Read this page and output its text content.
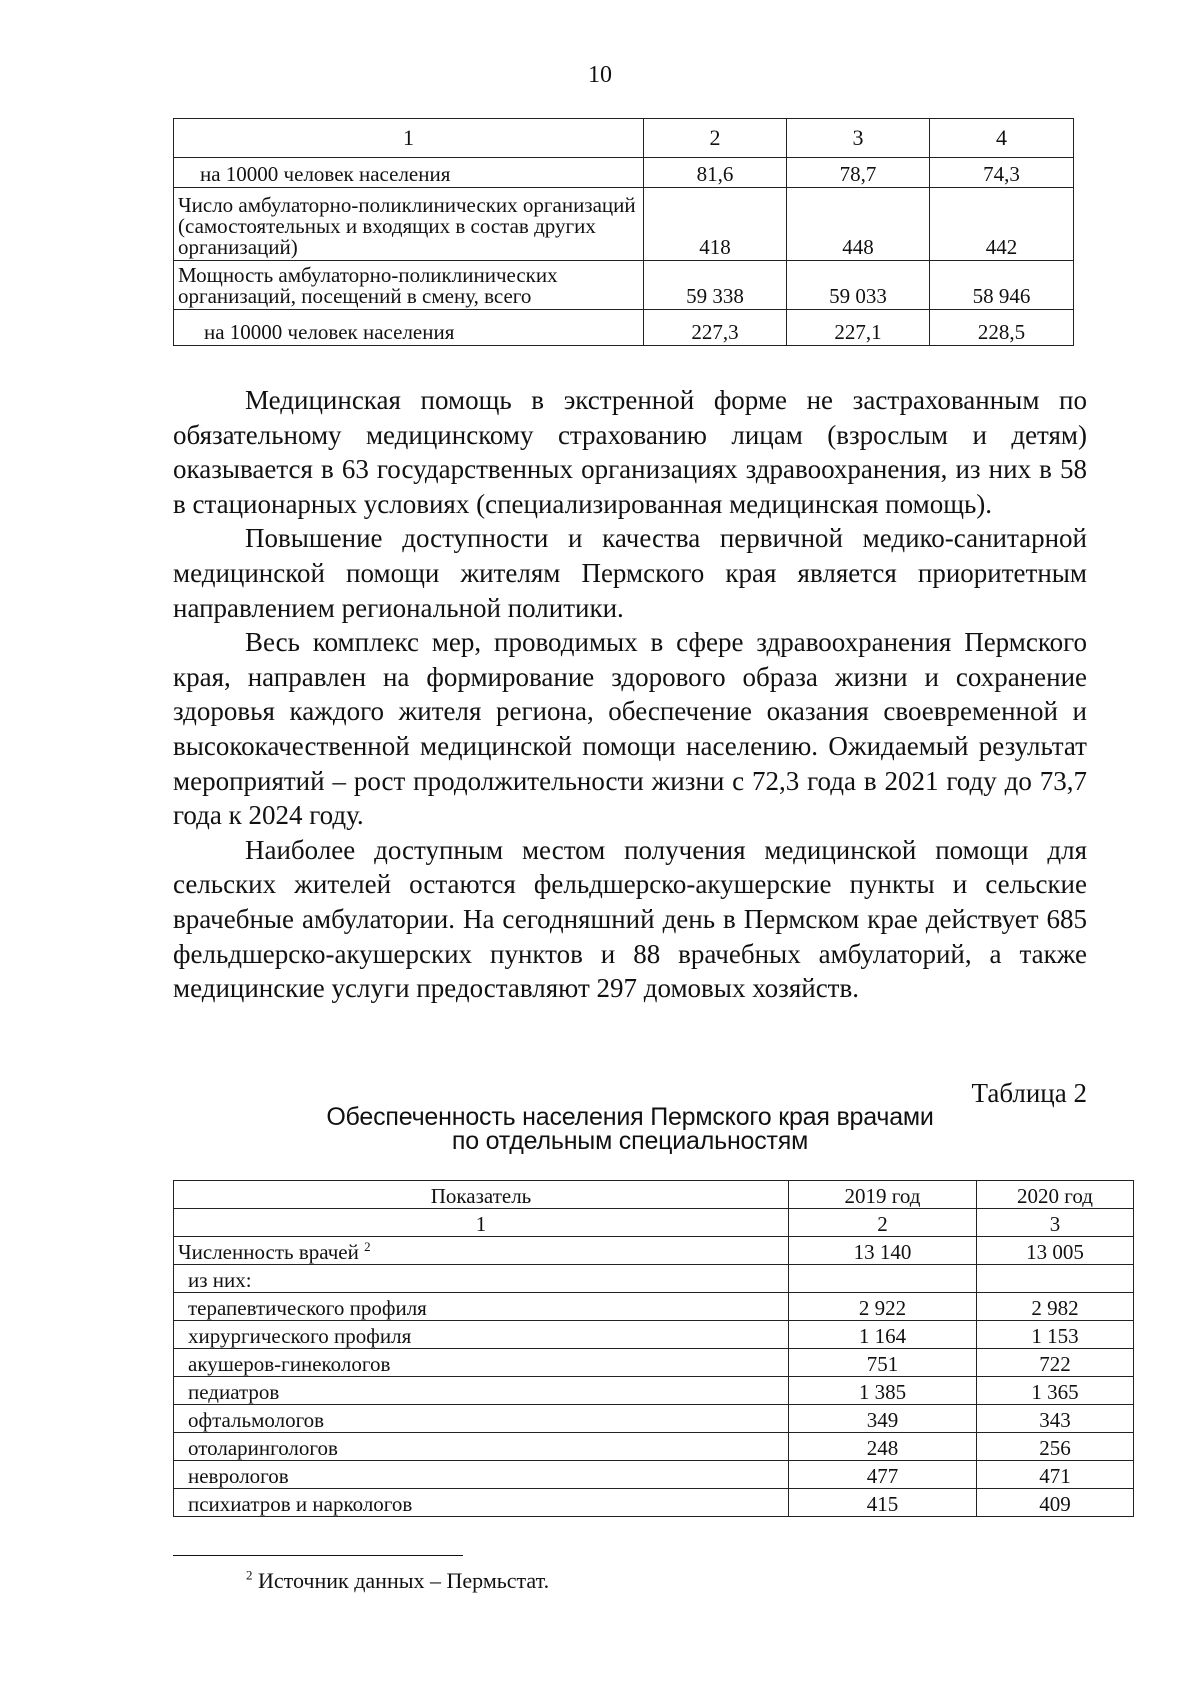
10
1	2	3	4
на 10000 человек населения	81,6	78,7	74,3
Число амбулаторно-поликлинических организаций (самостоятельных и входящих в состав других организаций)	418	448	442
Мощность амбулаторно-поликлинических организаций, посещений в смену, всего	59 338	59 033	58 946
на 10000 человек населения	227,3	227,1	228,5

Медицинская помощь в экстренной форме не застрахованным по обязательному медицинскому страхованию лицам (взрослым и детям) оказывается в 63 государственных организациях здравоохранения, из них в 58 в стационарных условиях (специализированная медицинская помощь).

Повышение доступности и качества первичной медико-санитарной медицинской помощи жителям Пермского края является приоритетным направлением региональной политики.

Весь комплекс мер, проводимых в сфере здравоохранения Пермского края, направлен на формирование здорового образа жизни и сохранение здоровья каждого жителя региона, обеспечение оказания своевременной и высококачественной медицинской помощи населению. Ожидаемый результат мероприятий – рост продолжительности жизни с 72,3 года в 2021 году до 73,7 года к 2024 году.

Наиболее доступным местом получения медицинской помощи для сельских жителей остаются фельдшерско-акушерские пункты и сельские врачебные амбулатории. На сегодняшний день в Пермском крае действует 685 фельдшерско-акушерских пунктов и 88 врачебных амбулаторий, а также медицинские услуги предоставляют 297 домовых хозяйств.

Таблица 2
Обеспеченность населения Пермского края врачами
по отдельным специальностям
Показатель	2019 год	2020 год
1	2	3
Численность врачей $^2$	13 140	13 005
из них:		
терапевтического профиля	2 922	2 982
хирургического профиля	1 164	1 153
акушеров-гинекологов	751	722
педиатров	1 385	1 365
офтальмологов	349	343
отоларингологов	248	256
неврологов	477	471
психиатров и наркологов	415	409
$^2$ Источник данных – Пермьстат.
